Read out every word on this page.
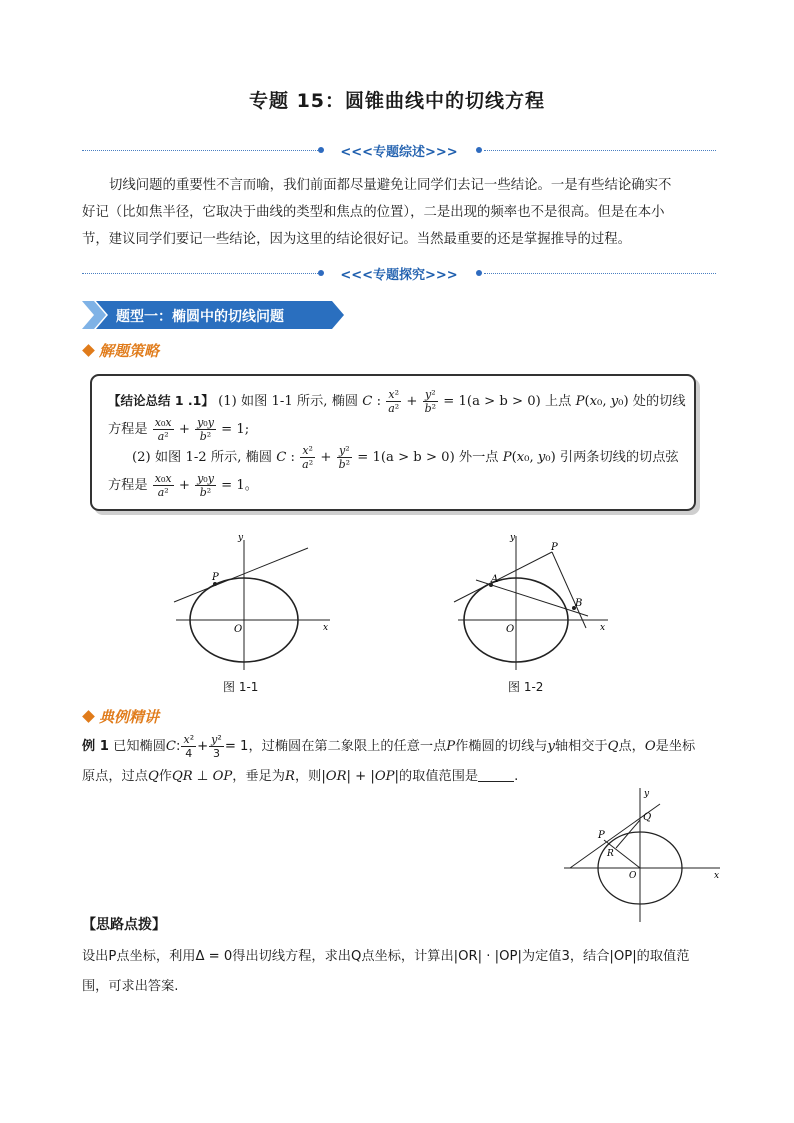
专题 15：圆锥曲线中的切线方程
<<<专题综述>>>
切线问题的重要性不言而喻，我们前面都尽量避免让同学们去记一些结论。一是有些结论确实不
好记（比如焦半径，它取决于曲线的类型和焦点的位置），二是出现的频率也不是很高。但是在本小
节，建议同学们要记一些结论，因为这里的结论很好记。当然最重要的还是掌握推导的过程。
<<<专题探究>>>
题型一：椭圆中的切线问题
解题策略
【结论总结 1 .1】 (1) 如图 1-1 所示, 椭圆 C : $\frac{\text{x²}}{\text{a²}} + \frac{\text{y²}}{\text{b²}} = 1(a > b > 0)$ 上点 P(x₀, y₀) 处的切线
方程是 $\frac{\text{x₀x}}{\text{a²}} + \frac{\text{y₀y}}{\text{b²}} = 1$;
(2) 如图 1-2 所示, 椭圆 C : $\frac{\text{x²}}{\text{a²}} + \frac{\text{y²}}{\text{b²}} = 1(a > b > 0)$ 外一点 P(x₀, y₀) 引两条切线的切点弦
方程是 $\frac{\text{x₀x}}{\text{a²}} + \frac{\text{y₀y}}{\text{b²}} = 1$。
P
O	x
y
图 1-1
A
B
P
O	x
y
图 1-2
典例精讲
例 1 已知椭圆C: $\frac{\text{x²}}{4} + \frac{\text{y²}}{3} = 1$，过椭圆在第二象限上的任意一点P作椭圆的切线与y轴相交于Q点，O是坐标
原点，过点Q作QR ⊥ OP，垂足为R，则|OR| + |OP|的取值范围是	.
P
Q
R
O	x
y
【思路点拨】
设出P点坐标，利用Δ = 0得出切线方程，求出Q点坐标，计算出|OR| · |OP|为定值3，结合|OP|的取值范
围，可求出答案.
